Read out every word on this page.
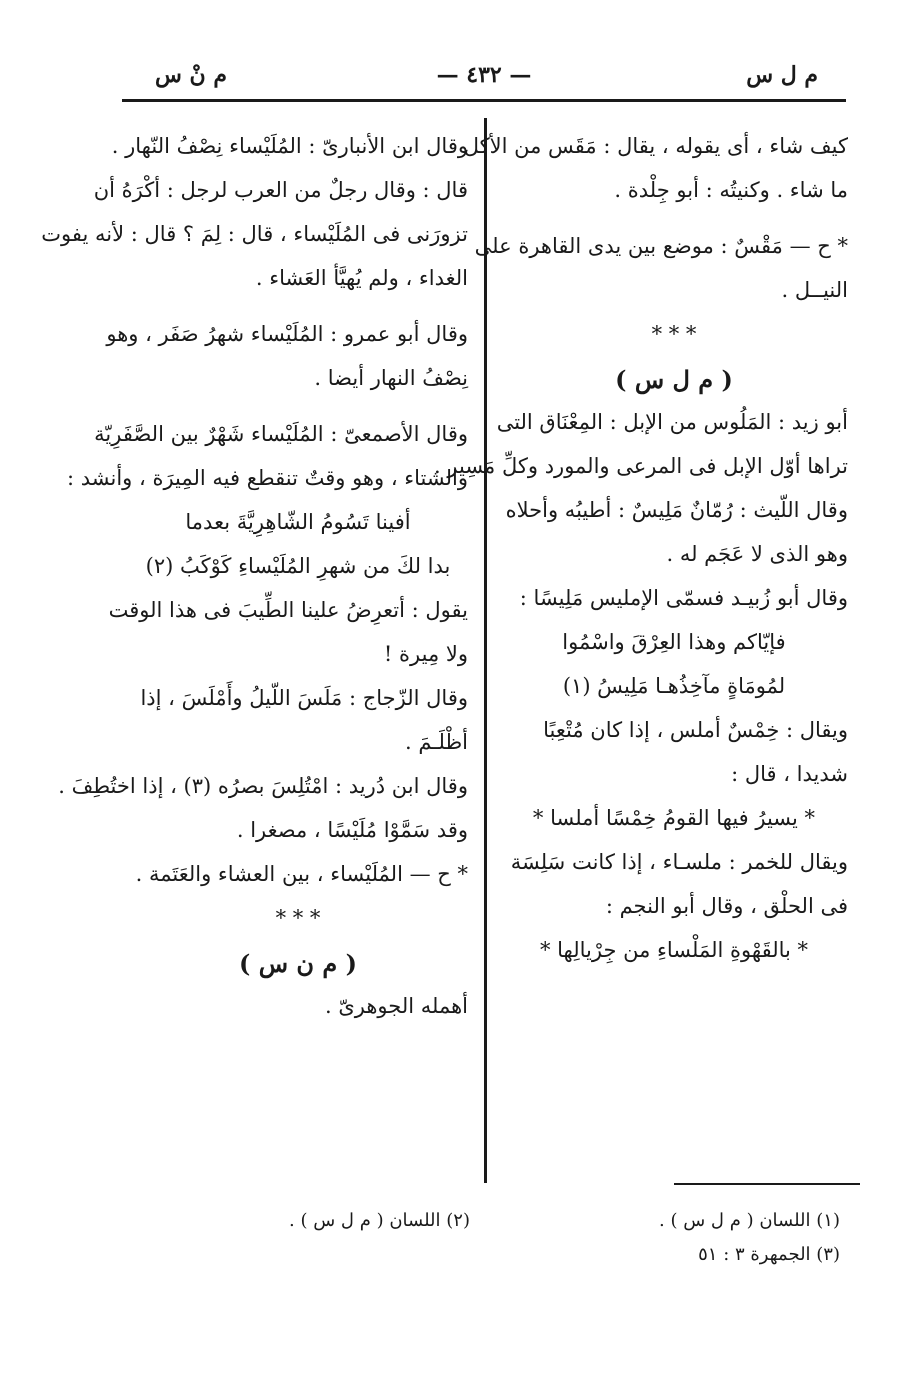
م ل س
— ٤٣٢ —
م نْ س
كيف شاء ، أى يقوله ، يقال : مَقَس من الأكل
ما شاء . وكنيتُه : أبو جِلْدة .
* ح — مَقْسٌ : موضع بين يدى القاهرة على
النيــل .
* * *
( م ل س )
أبو زيد : المَلُوس من الإبل : المِعْنَاق التى
تراها أوّل الإبل فى المرعى والمورد وكلِّ مَسِير .
وقال اللّيث : رُمّانٌ مَلِيسٌ : أطيبُه وأحلاه
وهو الذى لا عَجَم له .
وقال أبو زُبيـد فسمّى الإمليس مَلِيسًا :
فإيّاكم وهذا العِرْقَ واسْمُوا
لمُومَاةٍ مآخِذُهـا مَلِيسُ (١)
ويقال : خِمْسٌ أملس ، إذا كان مُتْعِبًا
شديدا ، قال :
* يسيرُ فيها القومُ خِمْسًا أملسا *
ويقال للخمر : ملسـاء ، إذا كانت سَلِسَة
فى الحلْق ، وقال أبو النجم :
* بالقَهْوةِ المَلْساءِ من جِرْيالِها *
وقال ابن الأنبارىّ : المُلَيْساء نِصْفُ النّهار .
قال : وقال رجلٌ من العرب لرجل : أكْرَهُ أن
تزورَنى فى المُلَيْساء ، قال : لِمَ ؟ قال : لأنه يفوت
الغداء ، ولم يُهيَّأ العَشاء .
وقال أبو عمرو : المُلَيْساء شهرُ صَفَر ، وهو
نِصْفُ النهار أيضا .
وقال الأصمعىّ : المُلَيْساء شَهْرٌ بين الصَّفَرِيّة
والشتاء ، وهو وقتٌ تنقطع فيه المِيرَة ، وأنشد :
أفينا تَسُومُ الشّاهِرِيَّةَ بعدما
بدا لكَ من شهرِ المُلَيْساءِ كَوْكَبُ (٢)
يقول : أتعرِضُ علينا الطِّيبَ فى هذا الوقت
ولا مِيرة !
وقال الزّجاج : مَلَسَ اللّيلُ وأَمْلَسَ ، إذا
أظْلَـمَ .
وقال ابن دُريد : امْتُلِسَ بصرُه (٣) ، إذا اختُطِفَ .
وقد سَمَّوْا مُلَيْسًا ، مصغرا .
* ح — المُلَيْساء ، بين العشاء والعَتَمة .
* * *
( م ن س )
أهمله الجوهرىّ .
(١) اللسان ( م ل س ) .
(٣) الجمهرة ٣ : ٥١
(٢) اللسان ( م ل س ) .
